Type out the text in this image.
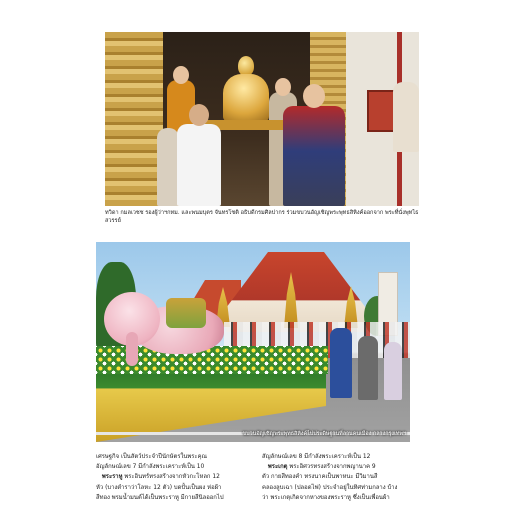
ทวิดา กมลเวชช รองผู้ว่าฯกทม. และพนมบุตร จันทรโชติ อธิบดีกรมศิลปากร ร่วมขบวนอัญเชิญพระพุทธสิหิงค์ออกจาก พระที่นั่งพุทไธสวรรย์
ขบวนอัญเชิญพระพุทธสิหิงค์ไปประดิษฐานที่ลานคนเมือง กลางกรุงเทพฯ

เศรษฐกิจ เป็นสัตว์ประจำปีนักษัตรในพระคุณ

อัญลักษณ์เลข 7 มีกำลังพระเคราะห์เป็น 10

 พระราหู พระอินทร์ทรงสร้างจากหัวกะโหลก 12

หัว (บางตำราว่าโลหะ 12 ตัว) บดปั้นเป็นผง ห่อผ้า

สีทอง พรมน้ำมนต์ได้เป็นพระราหู มีกายสีนิลออกไป

สัญลักษณ์เลข 8 มีกำลังพระเคราะห์เป็น 12

 พระเกตุ พระอิศวรทรงสร้างจากพญานาค 9

ตัว กายสีทองคำ ทรงนาคเป็นพาหนะ มีวิมานสี

คลองลูบเฉา (ปลอดไฟ) ประจำอยู่ในทิศท่ามกลาง บ้าง

ว่า พระเกตุเกิดจากหางของพระราหู ซึ่งเป็นเพื่อนผ้า
